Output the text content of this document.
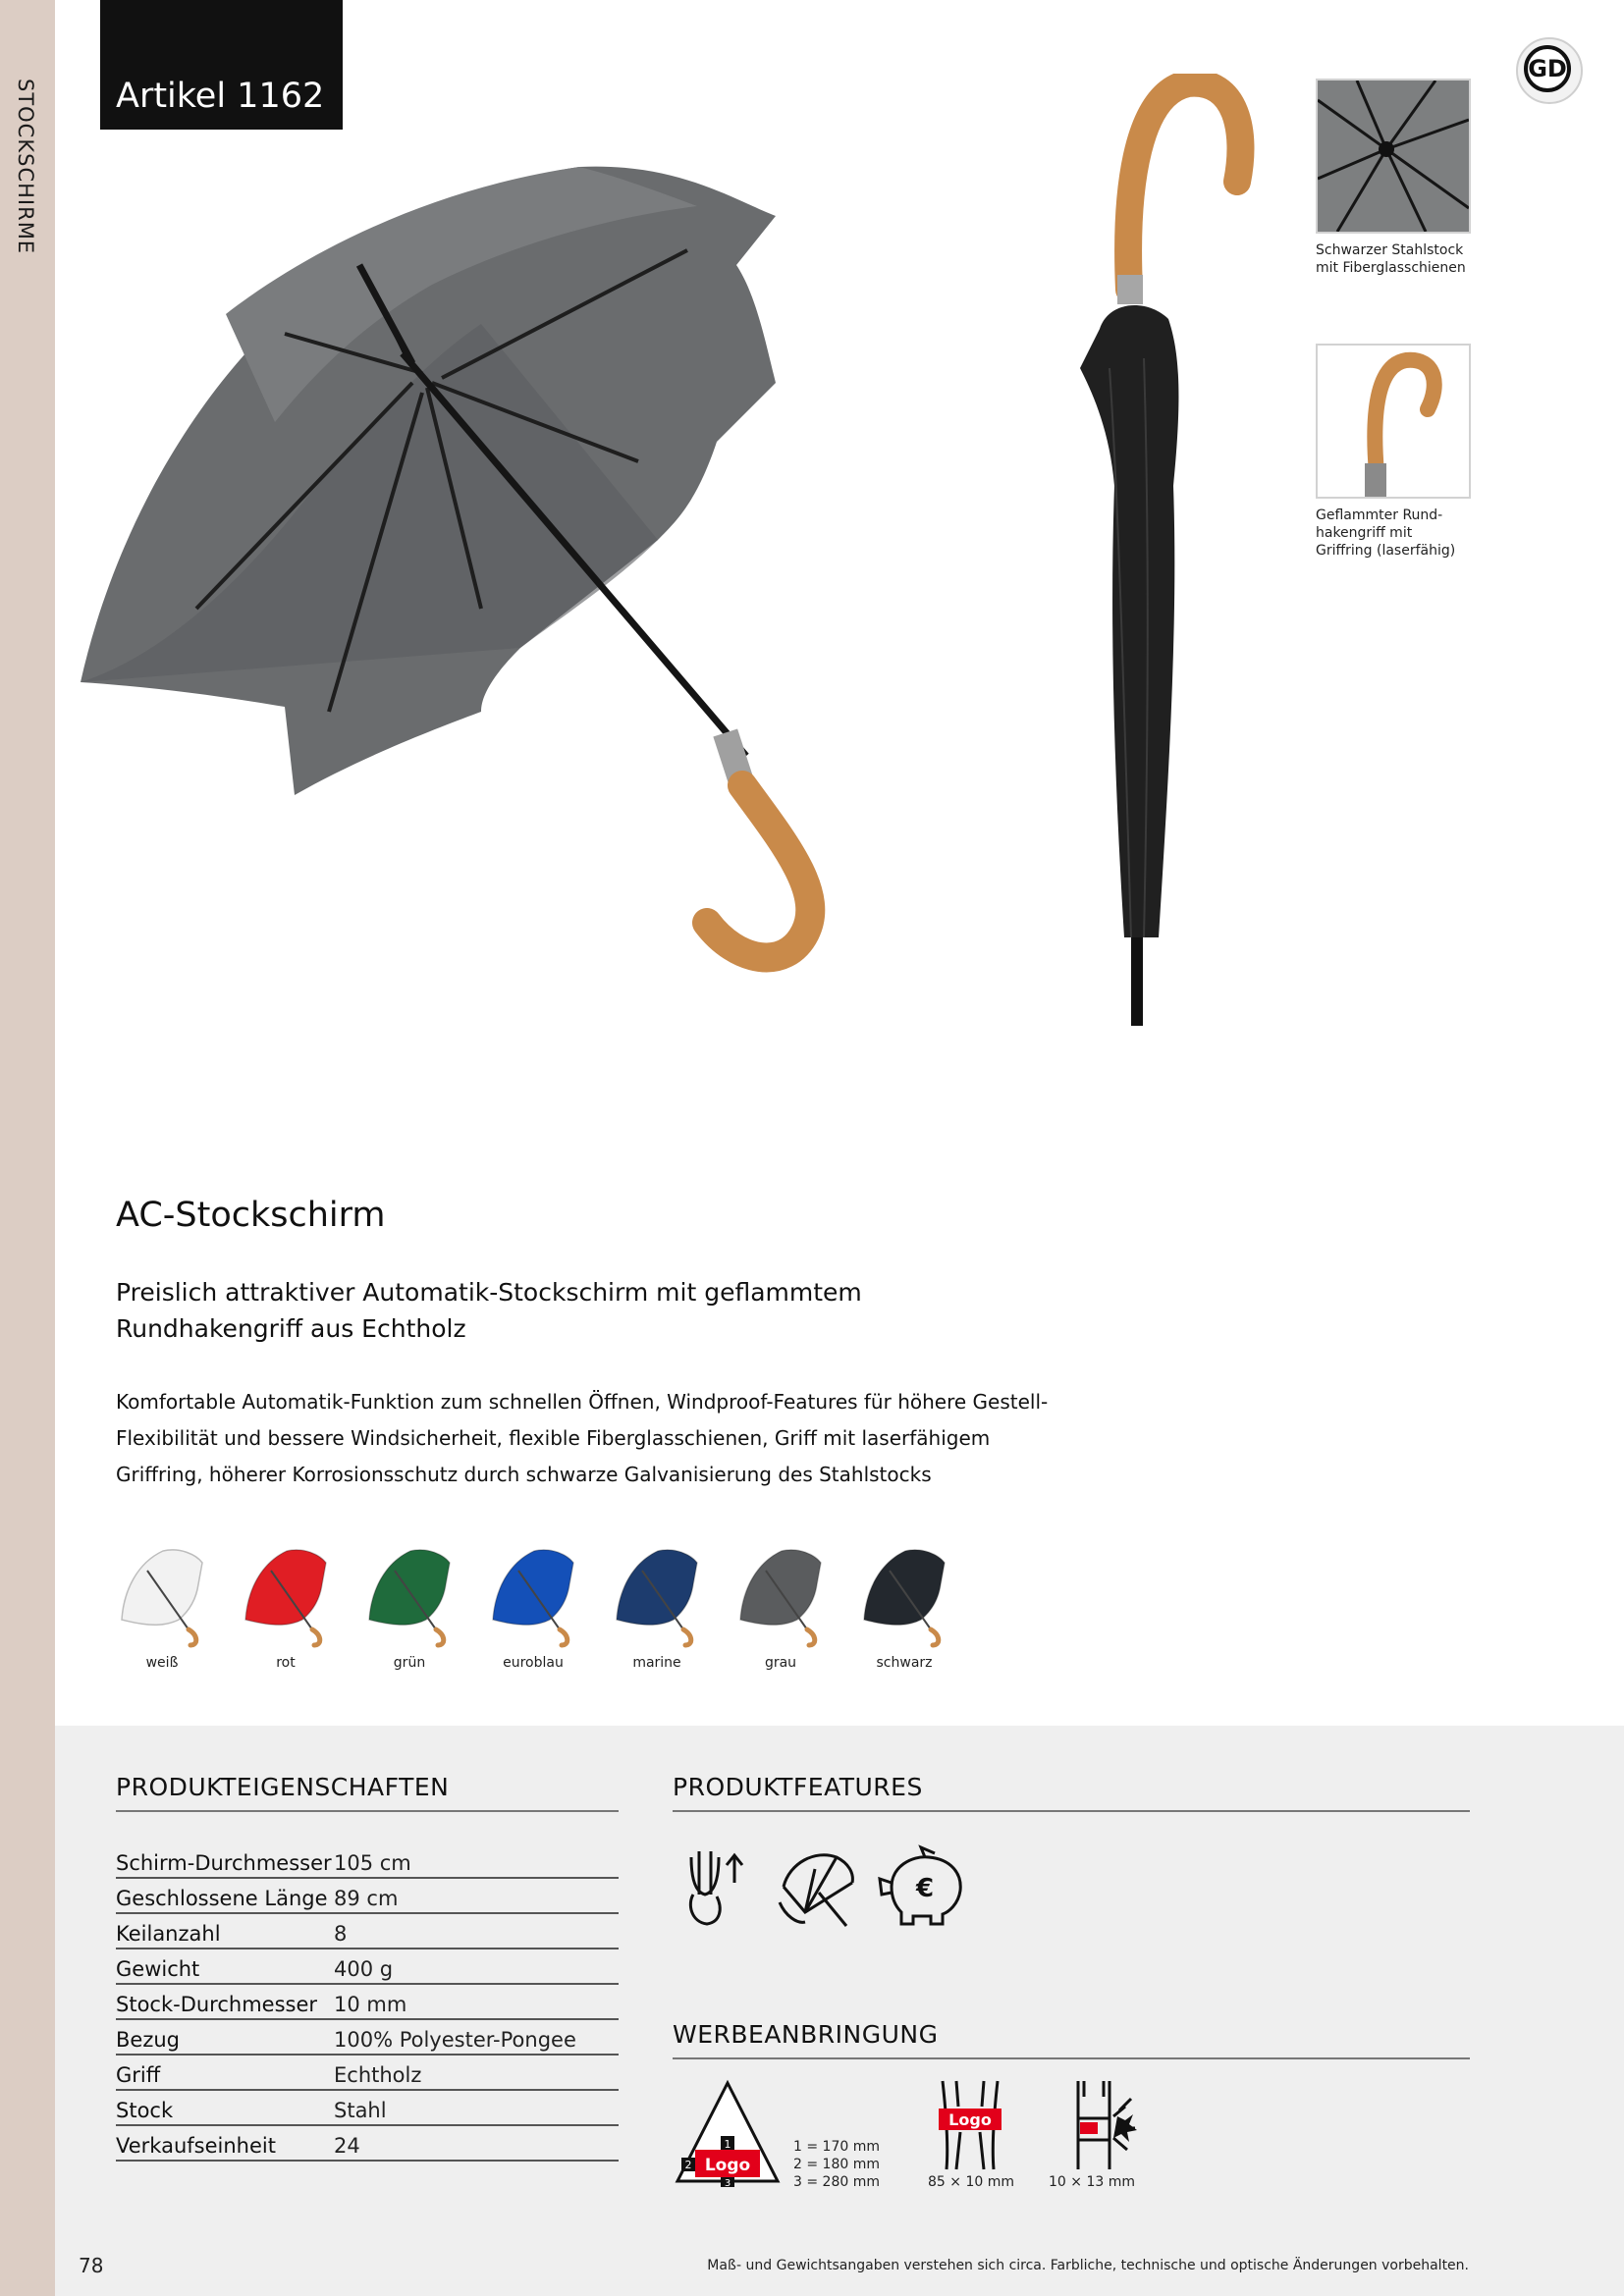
STOCKSCHIRME Artikel 1162
GD
Schwarzer Stahlstock mit Fiberglasschienen
Geflammter Rund-hakengriff mit Griffring (laserfähig)
AC-Stockschirm
Preislich attraktiver Automatik-Stockschirm mit geflammtem Rundhakengriff aus Echtholz
Komfortable Automatik-Funktion zum schnellen Öffnen, Windproof-Features für höhere Gestell-Flexibilität und bessere Windsicherheit, flexible Fiberglasschienen, Griff mit laserfähigem Griffring, höherer Korrosionsschutz durch schwarze Galvanisierung des Stahlstocks
weiß	rot	grün	euroblau	marine	grau	schwarz
PRODUKTEIGENSCHAFTEN
Schirm-Durchmesser 105 cm
Geschlossene Länge 89 cm
Keilanzahl	8
Gewicht	400 g
Stock-Durchmesser 10 mm
Bezug	100% Polyester-Pongee
Griff	Echtholz
Stock	Stahl
Verkaufseinheit	24
PRODUKTFEATURES
€
WERBEANBRINGUNG
Logo
1
2
3
1 = 170 mm
2 = 180 mm
3 = 280 mm
Logo
85 × 10 mm	10 × 13 mm
78	Maß- und Gewichtsangaben verstehen sich circa. Farbliche, technische und optische Änderungen vorbehalten.
